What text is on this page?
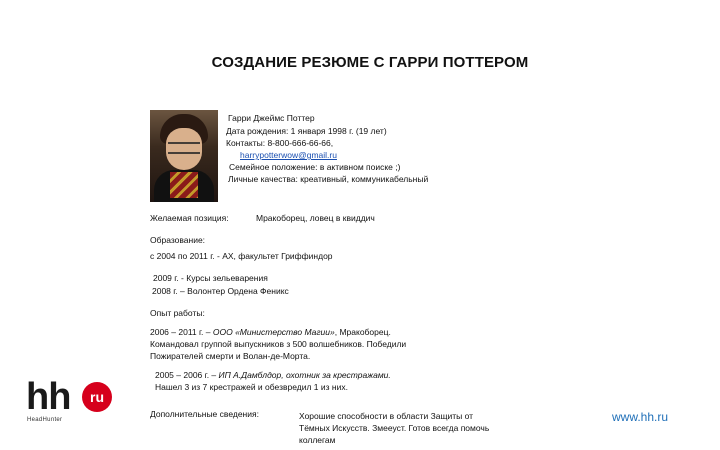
СОЗДАНИЕ РЕЗЮМЕ С ГАРРИ ПОТТЕРОМ
Гарри Джеймс Поттер
Дата рождения: 1 января 1998 г. (19 лет)
Контакты: 8-800-666-66-66,
harrypotterwow@gmail.ru
Семейное положение: в активном поиске ;)
Личные качества: креативный, коммуникабельный
Желаемая позиция:	Мракоборец, ловец в квиддич
Образование:
с 2004 по 2011 г. - АХ, факультет Гриффиндор
2009 г. - Курсы зельеварения
2008 г. – Волонтер Ордена Феникс
Опыт работы:
2006 – 2011 г. – ООО «Министерство Магии», Мракоборец.
Командовал группой выпускников з 500 волшебников. Победили
Пожирателей смерти и Волан-де-Морта.
2005 – 2006 г. – ИП А.Дамблдор, охотник за крестражами.
Нашел 3 из 7 крестражей и обезвредил 1 из них.
Дополнительные сведения:	Хорошие способности в области Защиты от
Тёмных Искусств. Змееуст. Готов всегда помочь
коллегам
hh	ru
HeadHunter	www.hh.ru
